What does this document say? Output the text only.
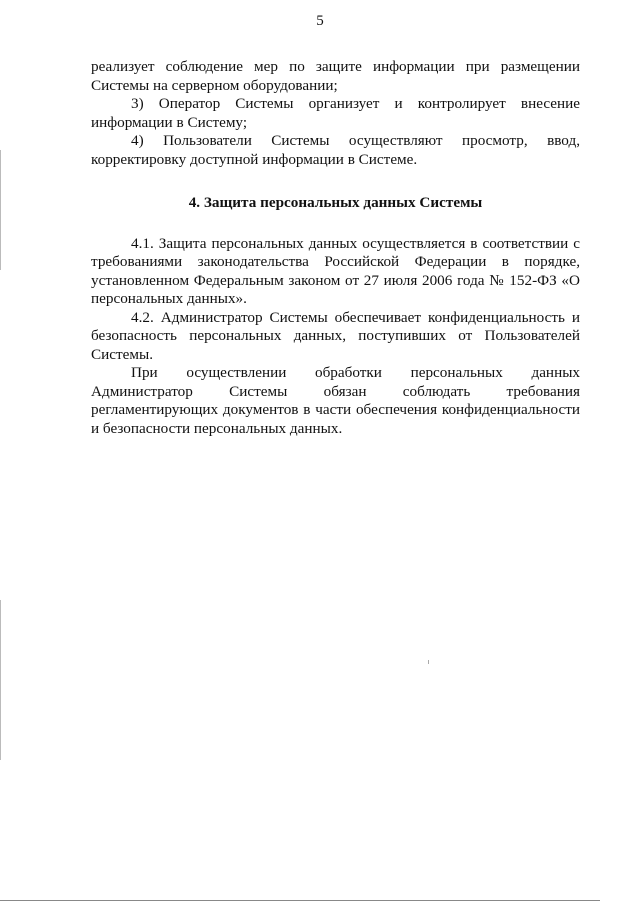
5

реализует соблюдение мер по защите информации при размещении Системы на серверном оборудовании;

3) Оператор Системы организует и контролирует внесение информации в Систему;

4) Пользователи Системы осуществляют просмотр, ввод, корректировку доступной информации в Системе.

4. Защита персональных данных Системы

4.1. Защита персональных данных осуществляется в соответствии с требованиями законодательства Российской Федерации в порядке, установленном Федеральным законом от 27 июля 2006 года № 152-ФЗ «О персональных данных».

4.2. Администратор Системы обеспечивает конфиденциальность и безопасность персональных данных, поступивших от Пользователей Системы.

При осуществлении обработки персональных данных

Администратор Системы обязан соблюдать требования

регламентирующих документов в части обеспечения конфиденциальности и безопасности персональных данных.
